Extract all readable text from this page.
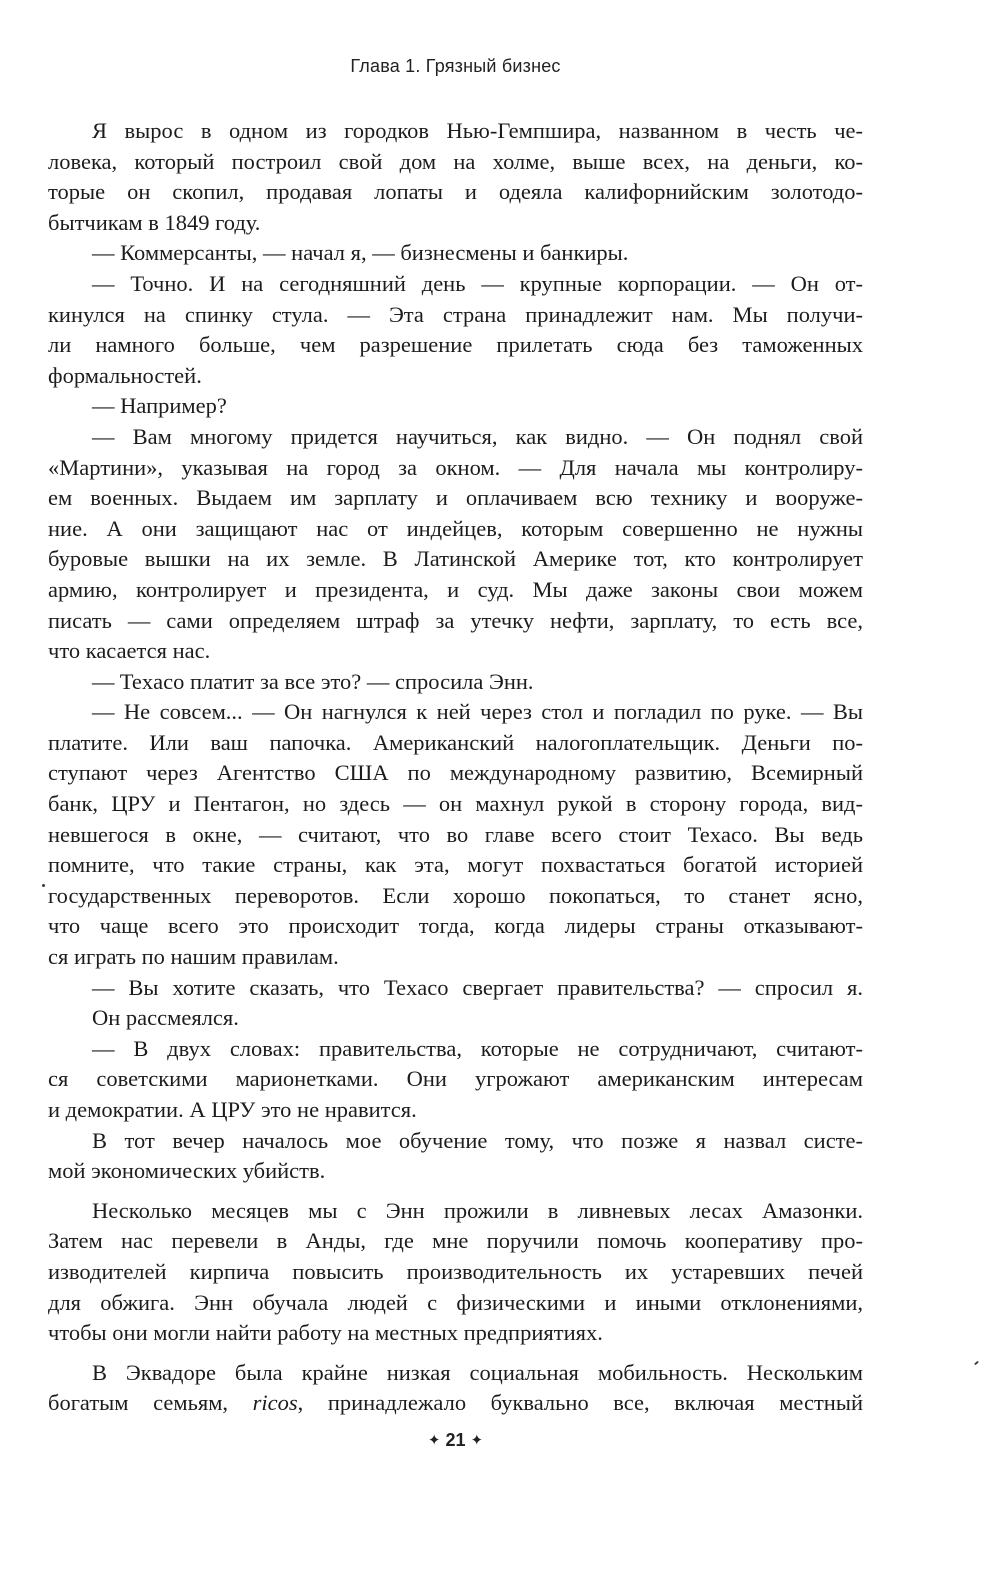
Глава 1. Грязный бизнес
Я вырос в одном из городков Нью-Гемпшира, названном в честь че-
ловека, который построил свой дом на холме, выше всех, на деньги, ко-
торые он скопил, продавая лопаты и одеяла калифорнийским золотодо-
бытчикам в 1849 году.
— Коммерсанты, — начал я, — бизнесмены и банкиры.
— Точно. И на сегодняшний день — крупные корпорации. — Он от-
кинулся на спинку стула. — Эта страна принадлежит нам. Мы получи-
ли намного больше, чем разрешение прилетать сюда без таможенных
формальностей.
— Например?
— Вам многому придется научиться, как видно. — Он поднял свой
«Мартини», указывая на город за окном. — Для начала мы контролиру-
ем военных. Выдаем им зарплату и оплачиваем всю технику и вооруже-
ние. А они защищают нас от индейцев, которым совершенно не нужны
буровые вышки на их земле. В Латинской Америке тот, кто контролирует
армию, контролирует и президента, и суд. Мы даже законы свои можем
писать — сами определяем штраф за утечку нефти, зарплату, то есть все,
что касается нас.
— Texaco платит за все это? — спросила Энн.
— Не совсем... — Он нагнулся к ней через стол и погладил по руке. — Вы
платите. Или ваш папочка. Американский налогоплательщик. Деньги по-
ступают через Агентство США по международному развитию, Всемирный
банк, ЦРУ и Пентагон, но здесь — он махнул рукой в сторону города, вид-
невшегося в окне, — считают, что во главе всего стоит Texaco. Вы ведь
помните, что такие страны, как эта, могут похвастаться богатой историей
государственных переворотов. Если хорошо покопаться, то станет ясно,
что чаще всего это происходит тогда, когда лидеры страны отказывают-
ся играть по нашим правилам.
— Вы хотите сказать, что Texaco свергает правительства? — спросил я.
Он рассмеялся.
— В двух словах: правительства, которые не сотрудничают, считают-
ся советскими марионетками. Они угрожают американским интересам
и демократии. А ЦРУ это не нравится.
В тот вечер началось мое обучение тому, что позже я назвал систе-
мой экономических убийств.
Несколько месяцев мы с Энн прожили в ливневых лесах Амазонки.
Затем нас перевели в Анды, где мне поручили помочь кооперативу про-
изводителей кирпича повысить производительность их устаревших печей
для обжига. Энн обучала людей с физическими и иными отклонениями,
чтобы они могли найти работу на местных предприятиях.
В Эквадоре была крайне низкая социальная мобильность. Нескольким
богатым семьям, ricos, принадлежало буквально все, включая местный
✦ 21 ✦
